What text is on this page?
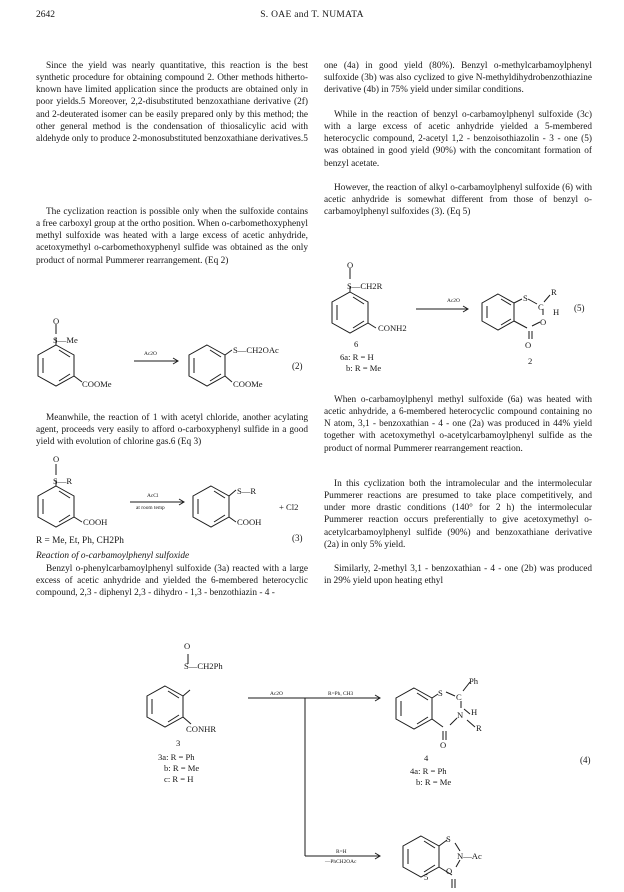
2642	S. OAE and T. NUMATA

Since the yield was nearly quantitative, this reaction is the best synthetic procedure for obtaining compound 2. Other methods hitherto-known have limited application since the products are obtained only in poor yields.5 Moreover, 2,2-disubstituted benzoxathiane derivative (2f) and 2-deuterated isomer can be easily prepared only by this method; the other general method is the condensation of thiosalicylic acid with aldehyde only to produce 2-monosubstituted benzoxathiane derivatives.5

The cyclization reaction is possible only when the sulfoxide contains a free carboxyl group at the ortho position. When o-carbomethoxyphenyl methyl sulfoxide was heated with a large excess of acetic anhydride, acetoxymethyl o-carbomethoxyphenyl sulfide was obtained as the only product of normal Pummerer rearrangement. (Eq 2)

Meanwhile, the reaction of 1 with acetyl chloride, another acylating agent, proceeds very easily to afford o-carboxyphenyl sulfide in a good yield with evolution of chlorine gas.6 (Eq 3)

R = Me, Et, Ph, CH2Ph

Reaction of o-carbamoylphenyl sulfoxide

Benzyl o-phenylcarbamoylphenyl sulfoxide (3a) reacted with a large excess of acetic anhydride and yielded the 6-membered heterocyclic compound, 2,3 - diphenyl 2,3 - dihydro - 1,3 - benzothiazin - 4 -

one (4a) in good yield (80%). Benzyl o-methylcarbamoylphenyl sulfoxide (3b) was also cyclized to give N-methyldihydrobenzothiazine derivative (4b) in 75% yield under similar conditions.

While in the reaction of benzyl o-carbamoylphenyl sulfoxide (3c) with a large excess of acetic anhydride yielded a 5-membered heterocyclic compound, 2-acetyl 1,2 - benzoisothiazolin - 3 - one (5) was obtained in good yield (90%) with the concomitant formation of benzyl acetate.

However, the reaction of alkyl o-carbamoylphenyl sulfoxide (6) with acetic anhydride is somewhat different from those of benzyl o-carbamoylphenyl sulfoxides (3). (Eq 5)

When o-carbamoylphenyl methyl sulfoxide (6a) was heated with acetic anhydride, a 6-membered heterocyclic compound containing no N atom, 3,1 - benzoxathian - 4 - one (2a) was produced in 44% yield together with acetoxymethyl o-acetylcarbamoylphenyl sulfide as the product of normal Pummerer rearrangement reaction.

In this cyclization both the intramolecular and the intermolecular Pummerer reactions are presumed to take place competitively, and under more drastic conditions (140° for 2 h) the intermolecular Pummerer reaction occurs preferentially to give acetoxymethyl o-acetylcarbamoylphenyl sulfide (90%) and benzoxathiane derivative (2a) in only 5% yield.

Similarly, 2-methyl 3,1 - benzoxathian - 4 - one (2b) was produced in 29% yield upon heating ethyl

O
S—Me
Ac2O
COOMe
S—CH2OAc
COOMe
(2)
O
S—R
AcCl
at room temp
COOH
S—R
+ Cl2
COOH
(3)
O
S—CH2R
CONH2
6
6a: R = H
b: R = Me
Ac2O	S
C
R
H
O
O
2
(5)
O
S—CH2Ph
CONHR
3
3a: R = Ph
b: R = Me
c: R = H
Ac2O	R=Ph, CH3	S C
Ph
H
N
R
O
4
4a: R = Ph
b: R = Me
R=H
—PhCH2OAc
S
N—Ac
O
5
(4)
